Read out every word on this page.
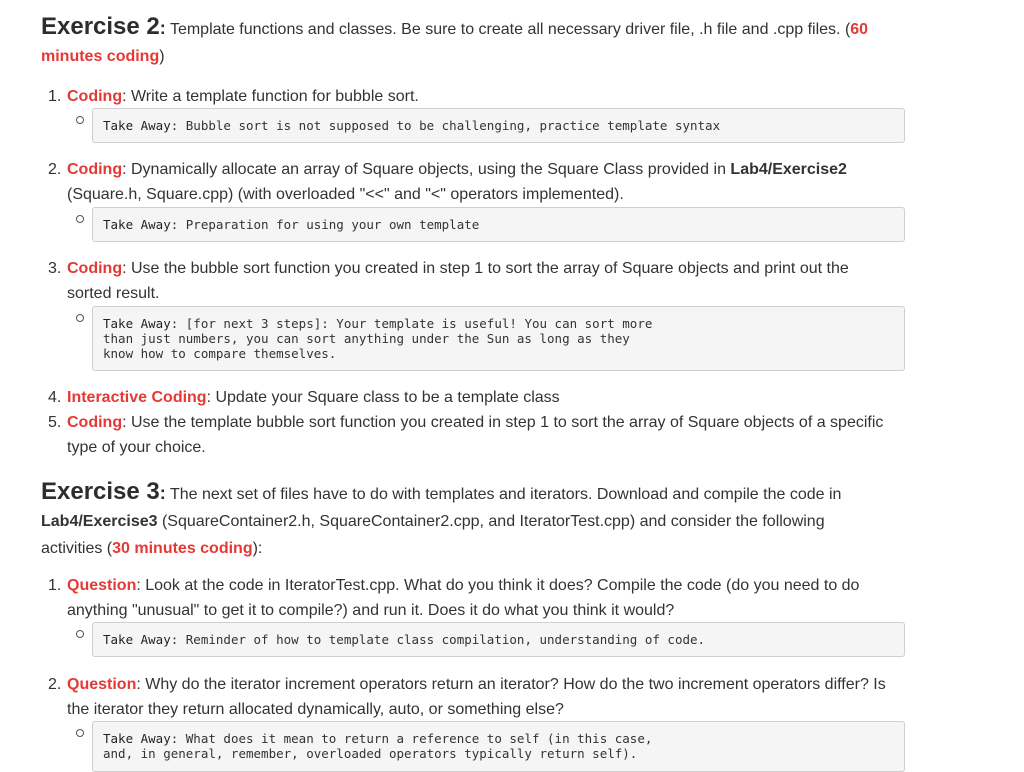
Exercise 2: Template functions and classes. Be sure to create all necessary driver file, .h file and .cpp files. (60 minutes coding)
1. Coding: Write a template function for bubble sort.
Take Away: Bubble sort is not supposed to be challenging, practice template syntax
2. Coding: Dynamically allocate an array of Square objects, using the Square Class provided in Lab4/Exercise2 (Square.h, Square.cpp) (with overloaded "<<" and "<" operators implemented).
Take Away: Preparation for using your own template
3. Coding: Use the bubble sort function you created in step 1 to sort the array of Square objects and print out the sorted result.
Take Away: [for next 3 steps]: Your template is useful! You can sort more
than just numbers, you can sort anything under the Sun as long as they
know how to compare themselves.
4. Interactive Coding: Update your Square class to be a template class
5. Coding: Use the template bubble sort function you created in step 1 to sort the array of Square objects of a specific type of your choice.
Exercise 3: The next set of files have to do with templates and iterators. Download and compile the code in Lab4/Exercise3 (SquareContainer2.h, SquareContainer2.cpp, and IteratorTest.cpp) and consider the following activities (30 minutes coding):
1. Question: Look at the code in IteratorTest.cpp. What do you think it does? Compile the code (do you need to do anything "unusual" to get it to compile?) and run it. Does it do what you think it would?
Take Away: Reminder of how to template class compilation, understanding of code.
2. Question: Why do the iterator increment operators return an iterator? How do the two increment operators differ? Is the iterator they return allocated dynamically, auto, or something else?
Take Away: What does it mean to return a reference to self (in this case,
and, in general, remember, overloaded operators typically return self).
